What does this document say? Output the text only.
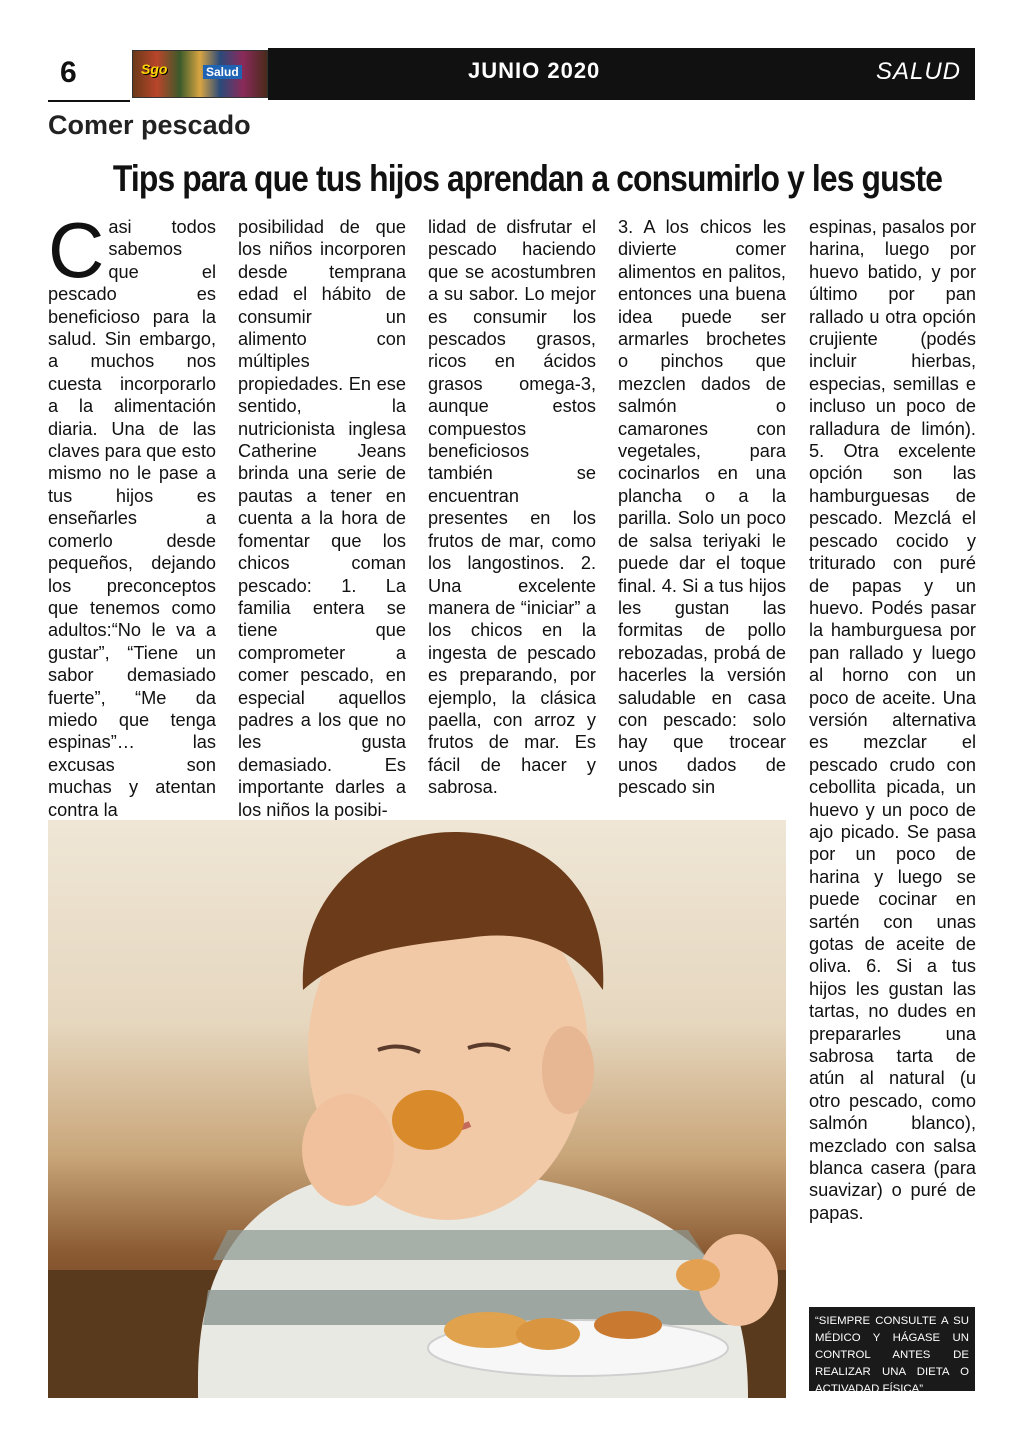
6	Sgo	Salud	JUNIO 2020	SALUD
Comer pescado
Tips para que tus hijos aprendan a consumirlo y les guste
C asi todos sabemos que el pescado es beneficioso para la salud. Sin embargo, a muchos nos cuesta incorporarlo a la alimentación diaria. Una de las claves para que esto mismo no le pase a tus hijos es enseñarles a comerlo desde pequeños, dejando los preconceptos que tenemos como adultos:“No le va a gustar”, “Tiene un sabor demasiado fuerte”, “Me da miedo que tenga espinas”… las excusas son muchas y atentan contra la
posibilidad de que los niños incorporen desde temprana edad el hábito de consumir un alimento con múltiples propiedades. En ese sentido, la nutricionista inglesa Catherine Jeans brinda una serie de pautas a tener en cuenta a la hora de fomentar que los chicos coman pescado: 1. La familia entera se tiene que comprometer a comer pescado, en especial aquellos padres a los que no les gusta demasiado. Es importante darles a los niños la posibi-
lidad de disfrutar el pescado haciendo que se acostumbren a su sabor. Lo mejor es consumir los pescados grasos, ricos en ácidos grasos omega-3, aunque estos compuestos beneficiosos también se encuentran presentes en los frutos de mar, como los langostinos. 2. Una excelente manera de “iniciar” a los chicos en la ingesta de pescado es preparando, por ejemplo, la clásica paella, con arroz y frutos de mar. Es fácil de hacer y sabrosa.
3. A los chicos les divierte comer alimentos en palitos, entonces una buena idea puede ser armarles brochetes o pinchos que mezclen dados de salmón o camarones con vegetales, para cocinarlos en una plancha o a la parilla. Solo un poco de salsa teriyaki le puede dar el toque final. 4. Si a tus hijos les gustan las formitas de pollo rebozadas, probá de hacerles la versión saludable en casa con pescado: solo hay que trocear unos dados de pescado sin
espinas, pasalos por harina, luego por huevo batido, y por último por pan rallado u otra opción crujiente (podés incluir hierbas, especias, semillas e incluso un poco de ralladura de limón). 5. Otra excelente opción son las hamburguesas de pescado. Mezclá el pescado cocido y triturado con puré de papas y un huevo. Podés pasar la hamburguesa por pan rallado y luego al horno con un poco de aceite. Una versión alternativa es mezclar el pescado crudo con cebollita picada, un huevo y un poco de ajo picado. Se pasa por un poco de harina y luego se puede cocinar en sartén con unas gotas de aceite de oliva. 6. Si a tus hijos les gustan las tartas, no dudes en prepararles una sabrosa tarta de atún al natural (u otro pescado, como salmón blanco), mezclado con salsa blanca casera (para suavizar) o puré de papas.
“SIEMPRE CONSULTE A SU MÉDICO Y HÁGASE UN CONTROL ANTES DE REALIZAR UNA DIETA O ACTIVADAD FÍSICA”
